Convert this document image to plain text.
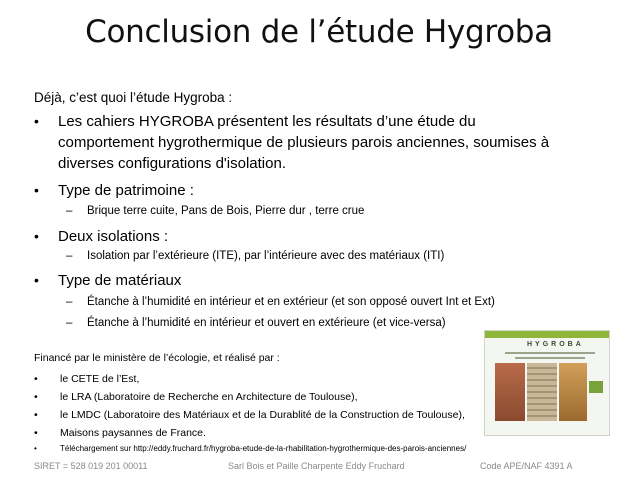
Conclusion de l’étude Hygroba
Déjà, c’est quoi l’étude Hygroba :
• Les cahiers HYGROBA présentent les résultats d’une étude du
comportement hygrothermique de plusieurs parois anciennes, soumises à
diverses configurations d'isolation.
• Type de patrimoine :
– Brique terre cuite, Pans de Bois, Pierre dur , terre crue
• Deux isolations :
– Isolation par l’extérieure (ITE), par l’intérieure avec des matériaux (ITI)
• Type de matériaux
– Étanche à l’humidité en intérieur et en extérieur (et son opposé ouvert Int et Ext)
– Étanche à l’humidité en intérieur et ouvert en extérieure (et vice-versa)
Financé par le ministère de l’écologie, et réalisé par :
• le CETE de l’Est,
• le LRA (Laboratoire de Recherche en Architecture de Toulouse),
• le LMDC (Laboratoire des Matériaux et de la Durablité de la Construction de Toulouse),
• Maisons paysannes de France.
•	Téléchargement sur http://eddy.fruchard.fr/hygroba-etude-de-la-rhabilitation-hygrothermique-des-parois-anciennes/
HYGROBA
SIRET = 528 019 201 00011	Sarl Bois et Paille Charpente Eddy Fruchard	Code APE/NAF 4391 A
